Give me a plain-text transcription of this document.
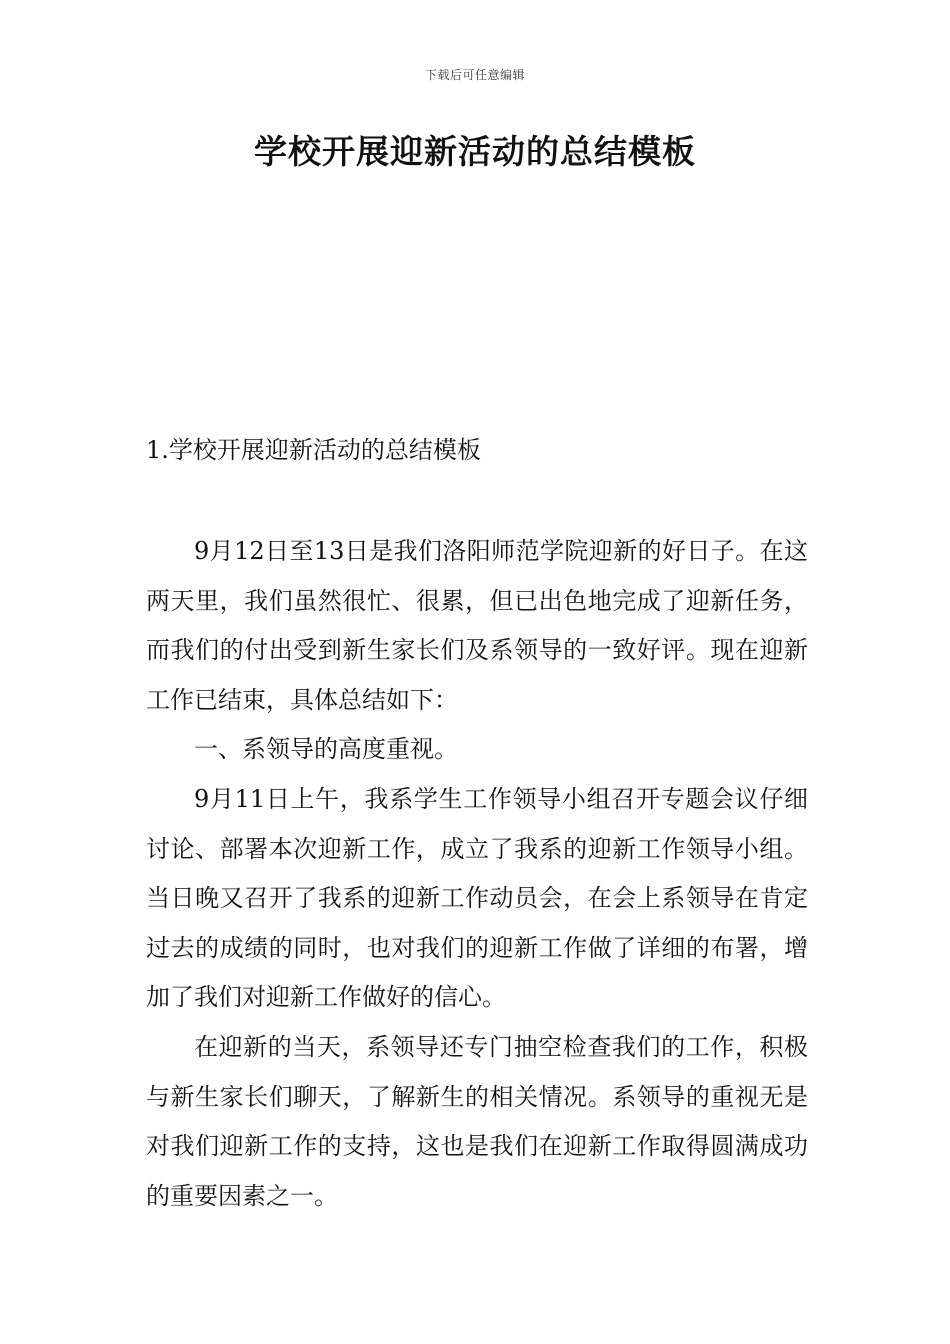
下载后可任意编辑
学校开展迎新活动的总结模板
1.学校开展迎新活动的总结模板

9月12日至13日是我们洛阳师范学院迎新的好日子。在这两天里，我们虽然很忙、很累，但已出色地完成了迎新任务，而我们的付出受到新生家长们及系领导的一致好评。现在迎新工作已结束，具体总结如下：

一、系领导的高度重视。

9月11日上午，我系学生工作领导小组召开专题会议仔细讨论、部署本次迎新工作，成立了我系的迎新工作领导小组。当日晚又召开了我系的迎新工作动员会，在会上系领导在肯定过去的成绩的同时，也对我们的迎新工作做了详细的布署，增加了我们对迎新工作做好的信心。

在迎新的当天，系领导还专门抽空检查我们的工作，积极与新生家长们聊天，了解新生的相关情况。系领导的重视无是对我们迎新工作的支持，这也是我们在迎新工作取得圆满成功的重要因素之一。
